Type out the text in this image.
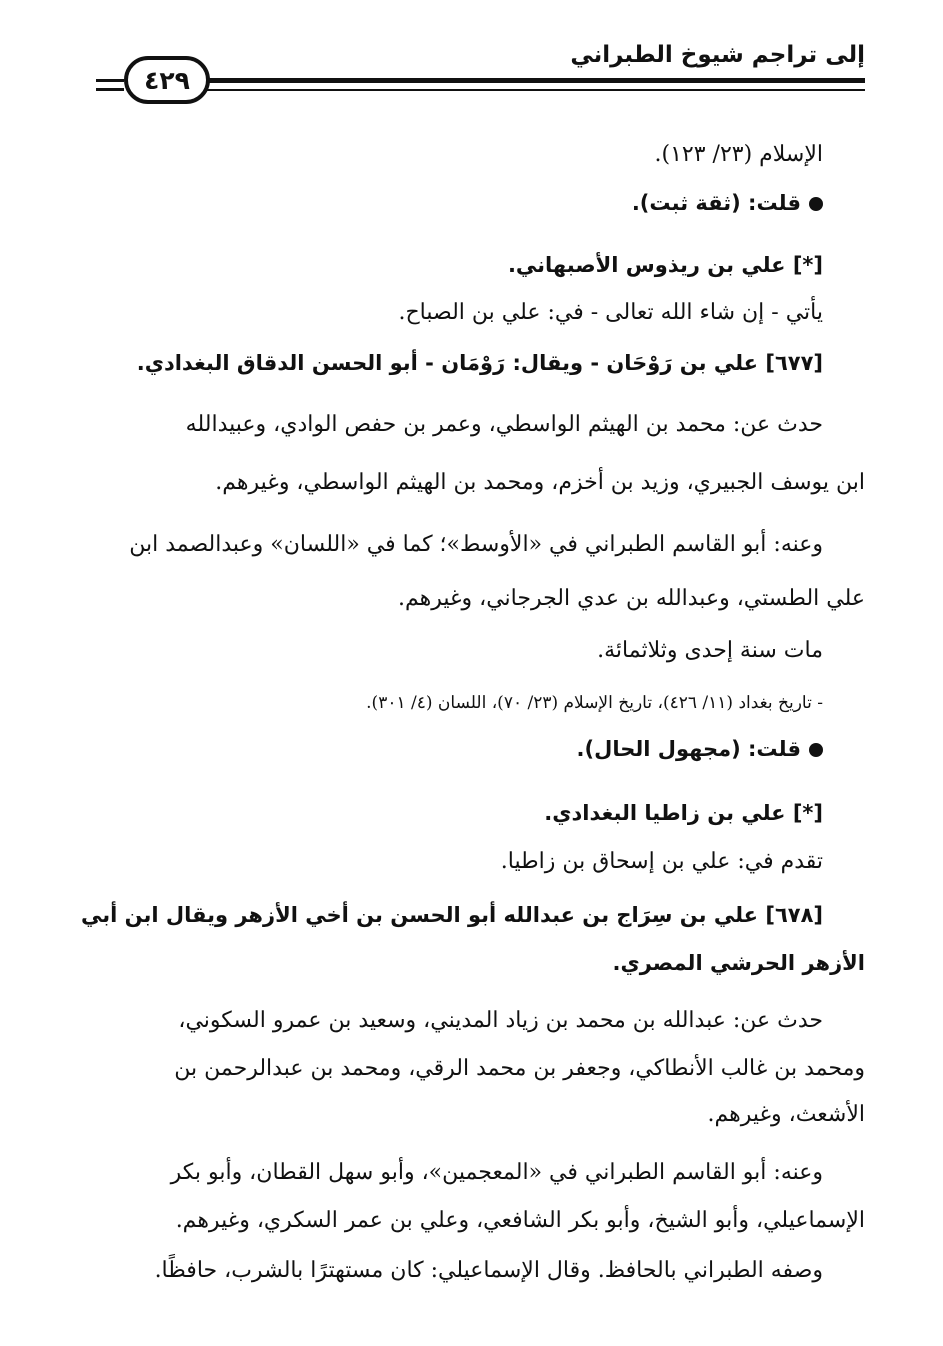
إلى تراجم شيوخ الطبراني
٤٢٩
الإسلام (٢٣/ ١٢٣).
قلت: (ثقة ثبت).
[*] علي بن ريذوس الأصبهاني.
يأتي - إن شاء الله تعالى - في: علي بن الصباح.
[٦٧٧] علي بن رَوْحَان - ويقال: رَوْمَان - أبو الحسن الدقاق البغدادي.
حدث عن: محمد بن الهيثم الواسطي، وعمر بن حفص الوادي، وعبيدالله
ابن يوسف الجبيري، وزيد بن أخزم، ومحمد بن الهيثم الواسطي، وغيرهم.
وعنه: أبو القاسم الطبراني في «الأوسط»؛ كما في «اللسان» وعبدالصمد ابن
علي الطستي، وعبدالله بن عدي الجرجاني، وغيرهم.
مات سنة إحدى وثلاثمائة.
- تاريخ بغداد (١١/ ٤٢٦)، تاريخ الإسلام (٢٣/ ٧٠)، اللسان (٤/ ٣٠١).
قلت: (مجهول الحال).
[*] علي بن زاطيا البغدادي.
تقدم في: علي بن إسحاق بن زاطيا.
[٦٧٨] علي بن سِرَاج بن عبدالله أبو الحسن بن أخي الأزهر ويقال ابن أبي
الأزهر الحرشي المصري.
حدث عن: عبدالله بن محمد بن زياد المديني، وسعيد بن عمرو السكوني،
ومحمد بن غالب الأنطاكي، وجعفر بن محمد الرقي، ومحمد بن عبدالرحمن بن
الأشعث، وغيرهم.
وعنه: أبو القاسم الطبراني في «المعجمين»، وأبو سهل القطان، وأبو بكر
الإسماعيلي، وأبو الشيخ، وأبو بكر الشافعي، وعلي بن عمر السكري، وغيرهم.
وصفه الطبراني بالحافظ. وقال الإسماعيلي: كان مستهترًا بالشرب، حافظًا.
